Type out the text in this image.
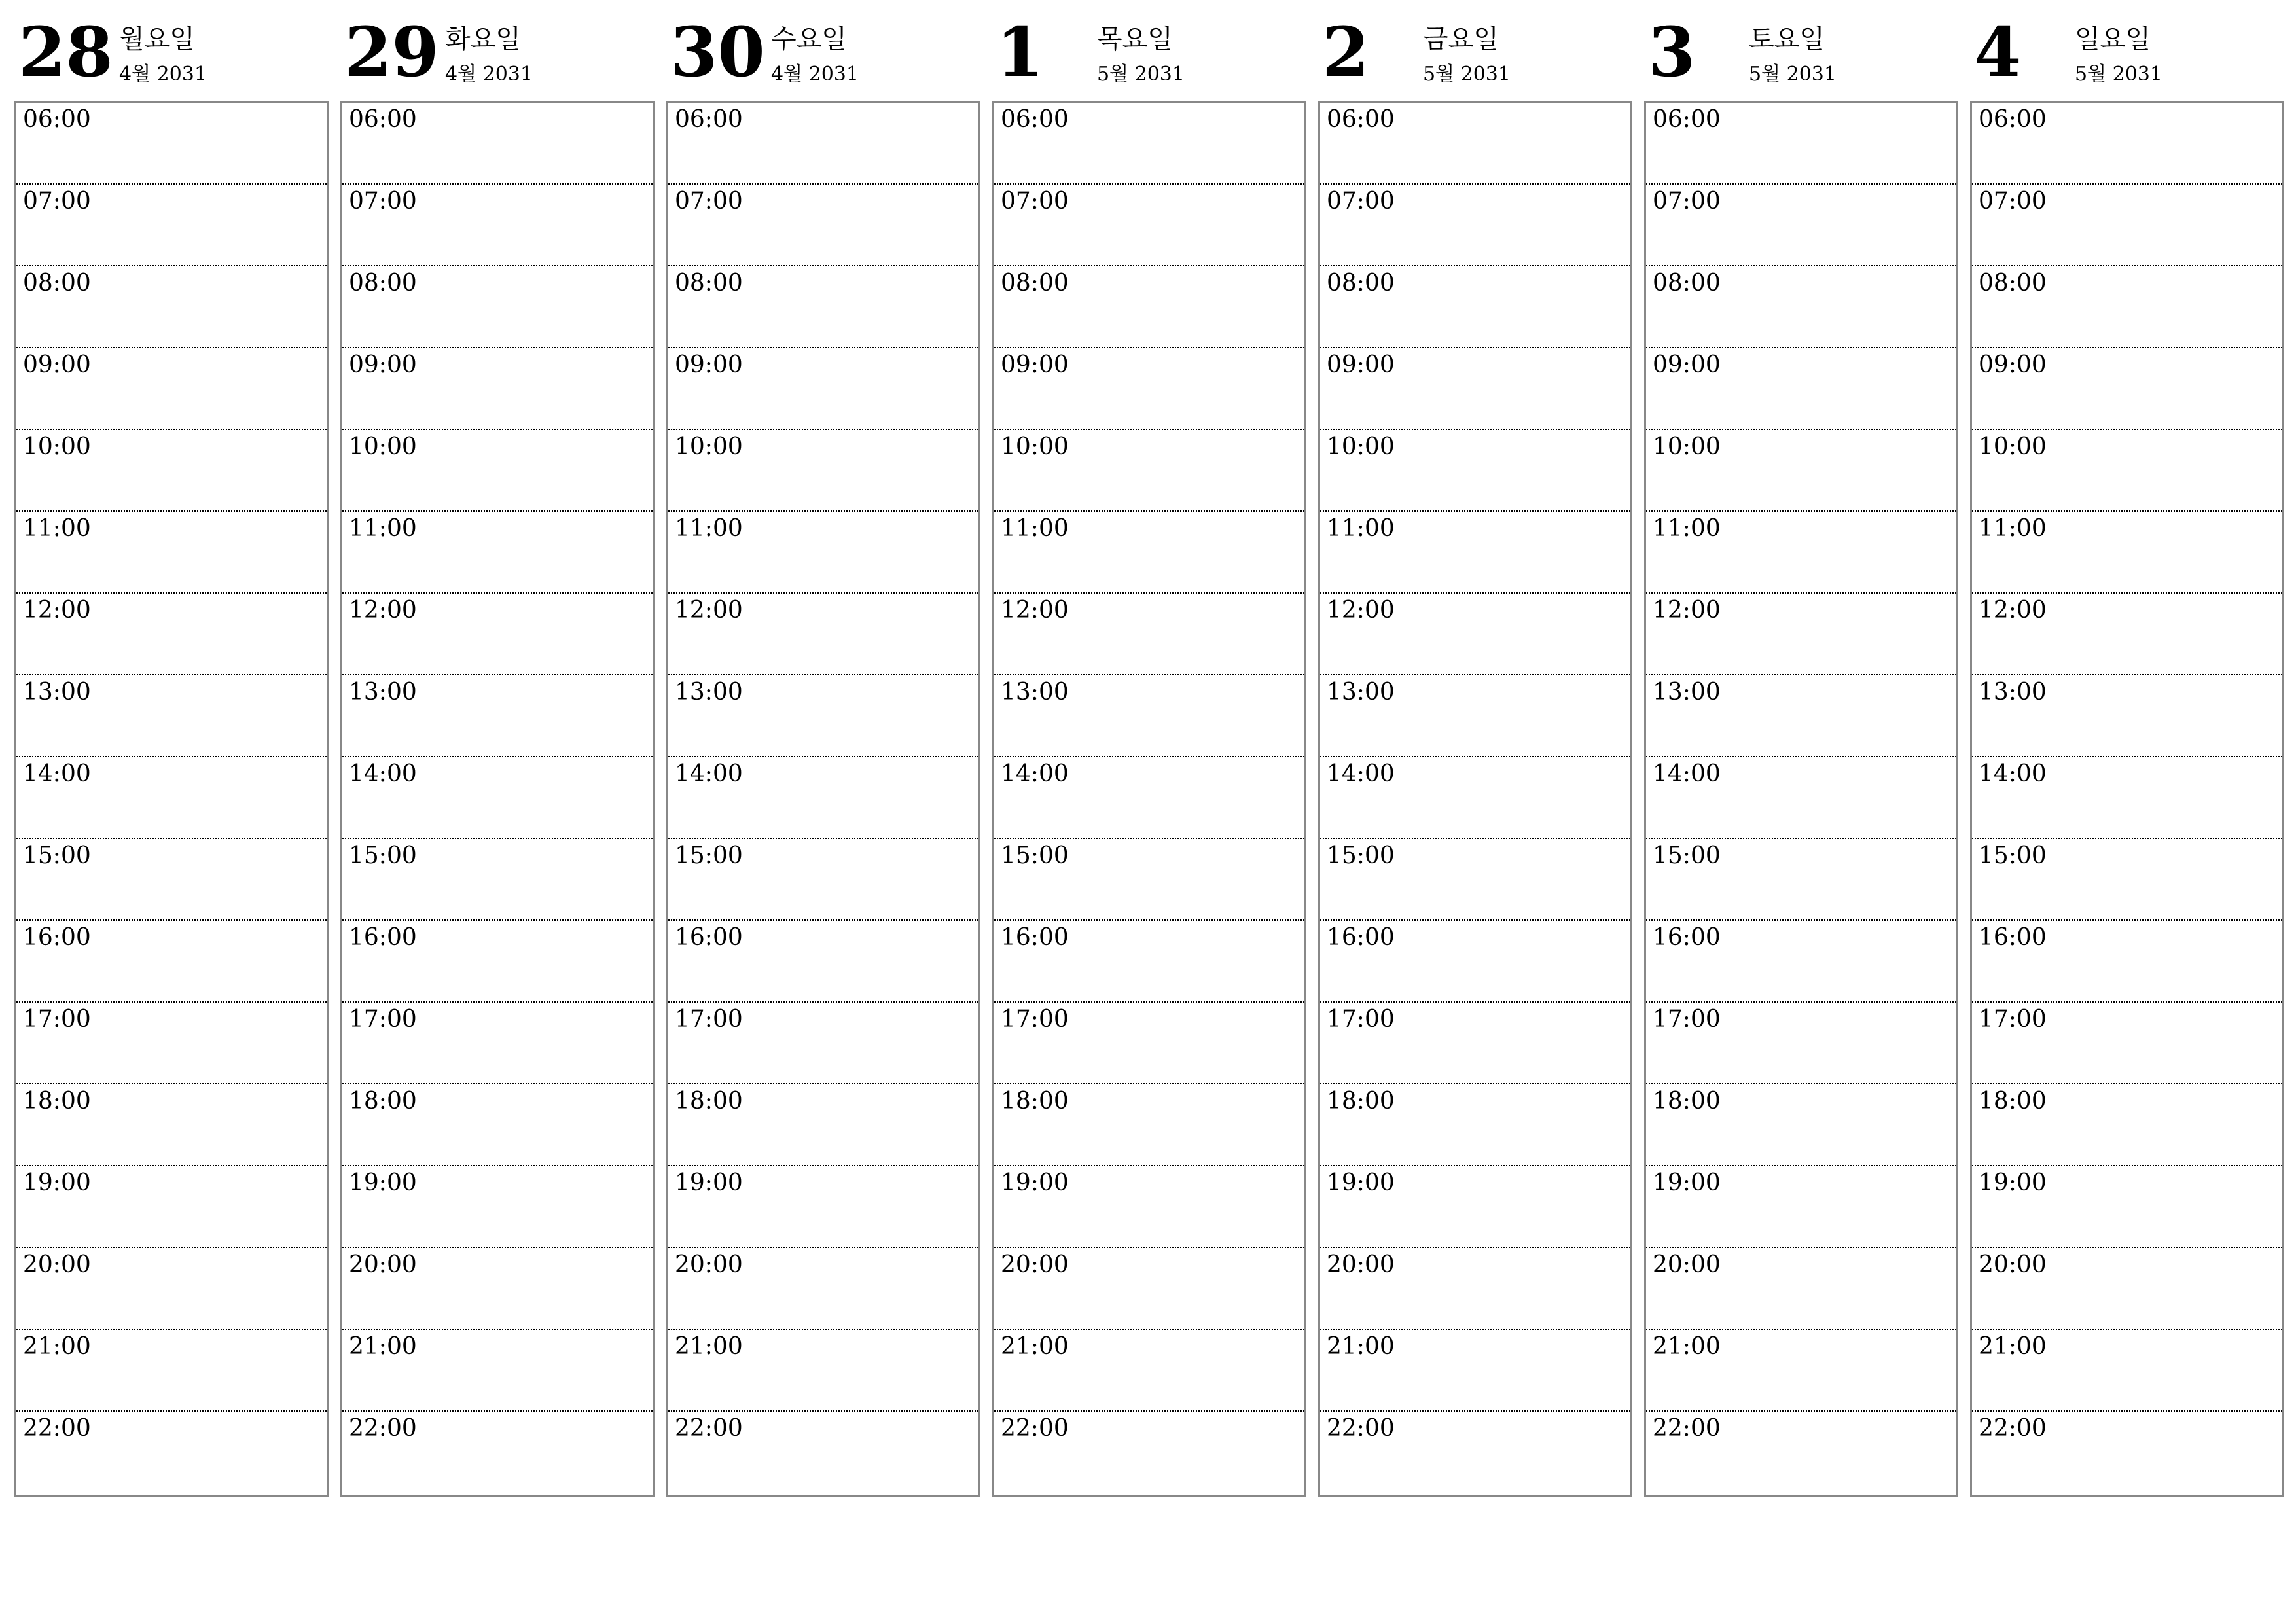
28 월요일
4월 2031
06:00
07:00
08:00
09:00
10:00
11:00
12:00
13:00
14:00
15:00
16:00
17:00
18:00
19:00
20:00
21:00
22:00
29 화요일
4월 2031
06:00
07:00
08:00
09:00
10:00
11:00
12:00
13:00
14:00
15:00
16:00
17:00
18:00
19:00
20:00
21:00
22:00
30 수요일
4월 2031
06:00
07:00
08:00
09:00
10:00
11:00
12:00
13:00
14:00
15:00
16:00
17:00
18:00
19:00
20:00
21:00
22:00
1 목요일
5월 2031
06:00
07:00
08:00
09:00
10:00
11:00
12:00
13:00
14:00
15:00
16:00
17:00
18:00
19:00
20:00
21:00
22:00
2 금요일
5월 2031
06:00
07:00
08:00
09:00
10:00
11:00
12:00
13:00
14:00
15:00
16:00
17:00
18:00
19:00
20:00
21:00
22:00
3 토요일
5월 2031
06:00
07:00
08:00
09:00
10:00
11:00
12:00
13:00
14:00
15:00
16:00
17:00
18:00
19:00
20:00
21:00
22:00
4 일요일
5월 2031
06:00
07:00
08:00
09:00
10:00
11:00
12:00
13:00
14:00
15:00
16:00
17:00
18:00
19:00
20:00
21:00
22:00
